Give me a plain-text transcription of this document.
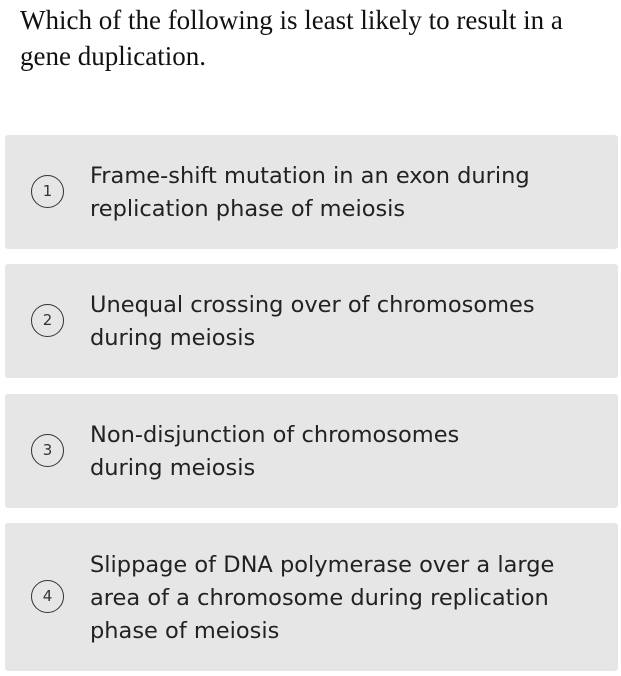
Which of the following is least likely to result in a
gene duplication.
1
Frame-shift mutation in an exon during
replication phase of meiosis
2
Unequal crossing over of chromosomes
during meiosis
3
Non-disjunction of chromosomes
during meiosis
4
Slippage of DNA polymerase over a large
area of a chromosome during replication
phase of meiosis
